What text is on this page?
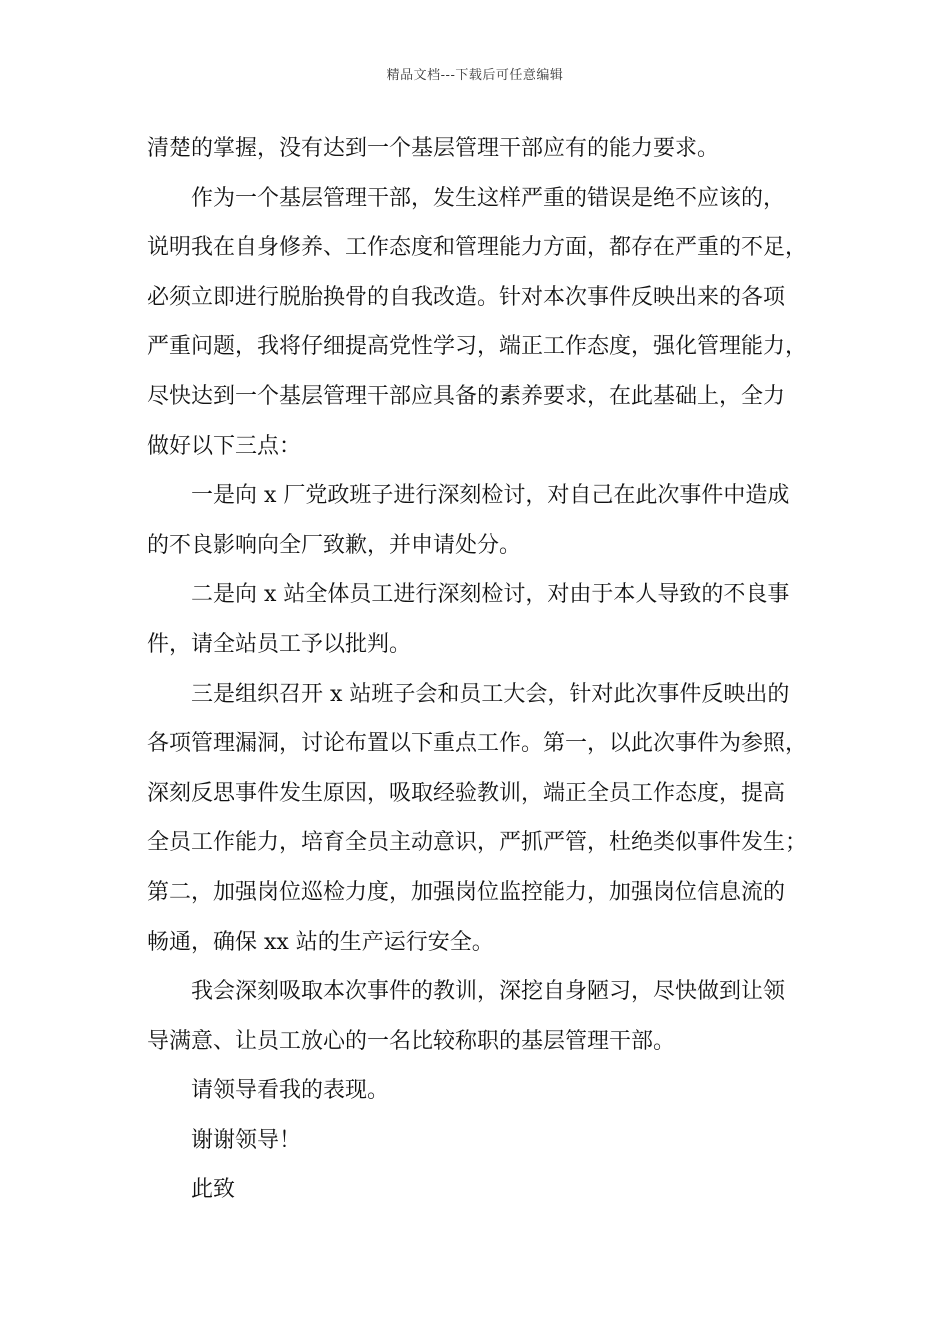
精品文档---下载后可任意编辑
清楚的掌握，没有达到一个基层管理干部应有的能力要求。
作为一个基层管理干部，发生这样严重的错误是绝不应该的，
说明我在自身修养、工作态度和管理能力方面，都存在严重的不足，
必须立即进行脱胎换骨的自我改造。针对本次事件反映出来的各项
严重问题，我将仔细提高党性学习，端正工作态度，强化管理能力，
尽快达到一个基层管理干部应具备的素养要求，在此基础上，全力
做好以下三点：
一是向 x 厂党政班子进行深刻检讨，对自己在此次事件中造成
的不良影响向全厂致歉，并申请处分。
二是向 x 站全体员工进行深刻检讨，对由于本人导致的不良事
件，请全站员工予以批判。
三是组织召开 x 站班子会和员工大会，针对此次事件反映出的
各项管理漏洞，讨论布置以下重点工作。第一，以此次事件为参照，
深刻反思事件发生原因，吸取经验教训，端正全员工作态度，提高
全员工作能力，培育全员主动意识，严抓严管，杜绝类似事件发生；
第二，加强岗位巡检力度，加强岗位监控能力，加强岗位信息流的
畅通，确保 xx 站的生产运行安全。
我会深刻吸取本次事件的教训，深挖自身陋习，尽快做到让领
导满意、让员工放心的一名比较称职的基层管理干部。
请领导看我的表现。
谢谢领导！
此致
